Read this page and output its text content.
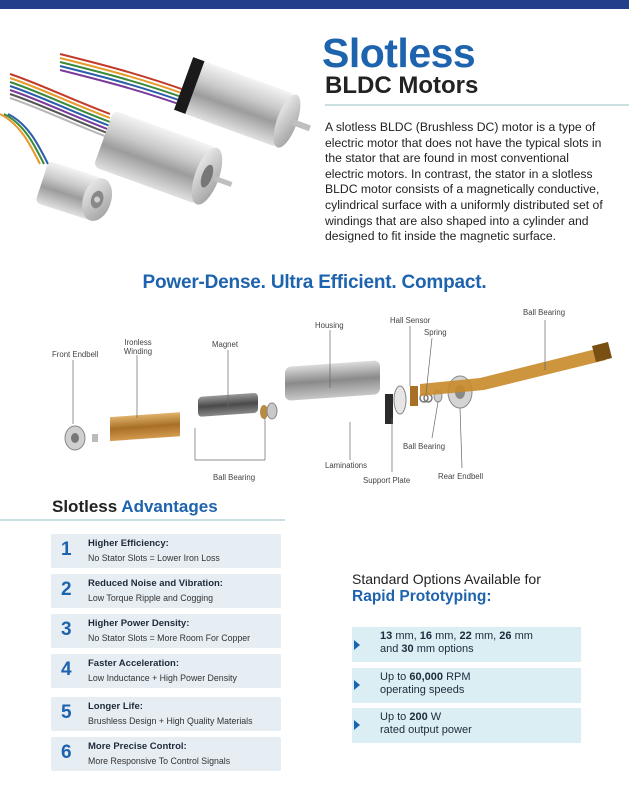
Slotless
BLDC Motors

A slotless BLDC (Brushless DC) motor is a type of electric motor that does not have the typical slots in the stator that are found in most conventional electric motors. In contrast, the stator in a slotless BLDC motor consists of a magnetically conductive, cylindrical surface with a uniformly distributed set of windings that are also shaped into a cylinder and designed to fit inside the magnetic surface.

Power-Dense. Ultra Efficient. Compact.
Front Endbell
Ironless Winding
Magnet
Housing
Hall Sensor
Spring
Ball Bearing
Ball Bearing
Ball Bearing
Laminations
Support Plate	Rear Endbell
Slotless Advantages
1 Higher Efficiency:
No Stator Slots = Lower Iron Loss
2 Reduced Noise and Vibration:
Low Torque Ripple and Cogging
3 Higher Power Density:
No Stator Slots = More Room For Copper
4 Faster Acceleration:
Low Inductance + High Power Density
5 Longer Life:
Brushless Design + High Quality Materials
6 More Precise Control:
More Responsive To Control Signals
Standard Options Available for
Rapid Prototyping:
13 mm, 16 mm, 22 mm, 26 mm
and 30 mm options
Up to 60,000 RPM
operating speeds
Up to 200 W
rated output power
